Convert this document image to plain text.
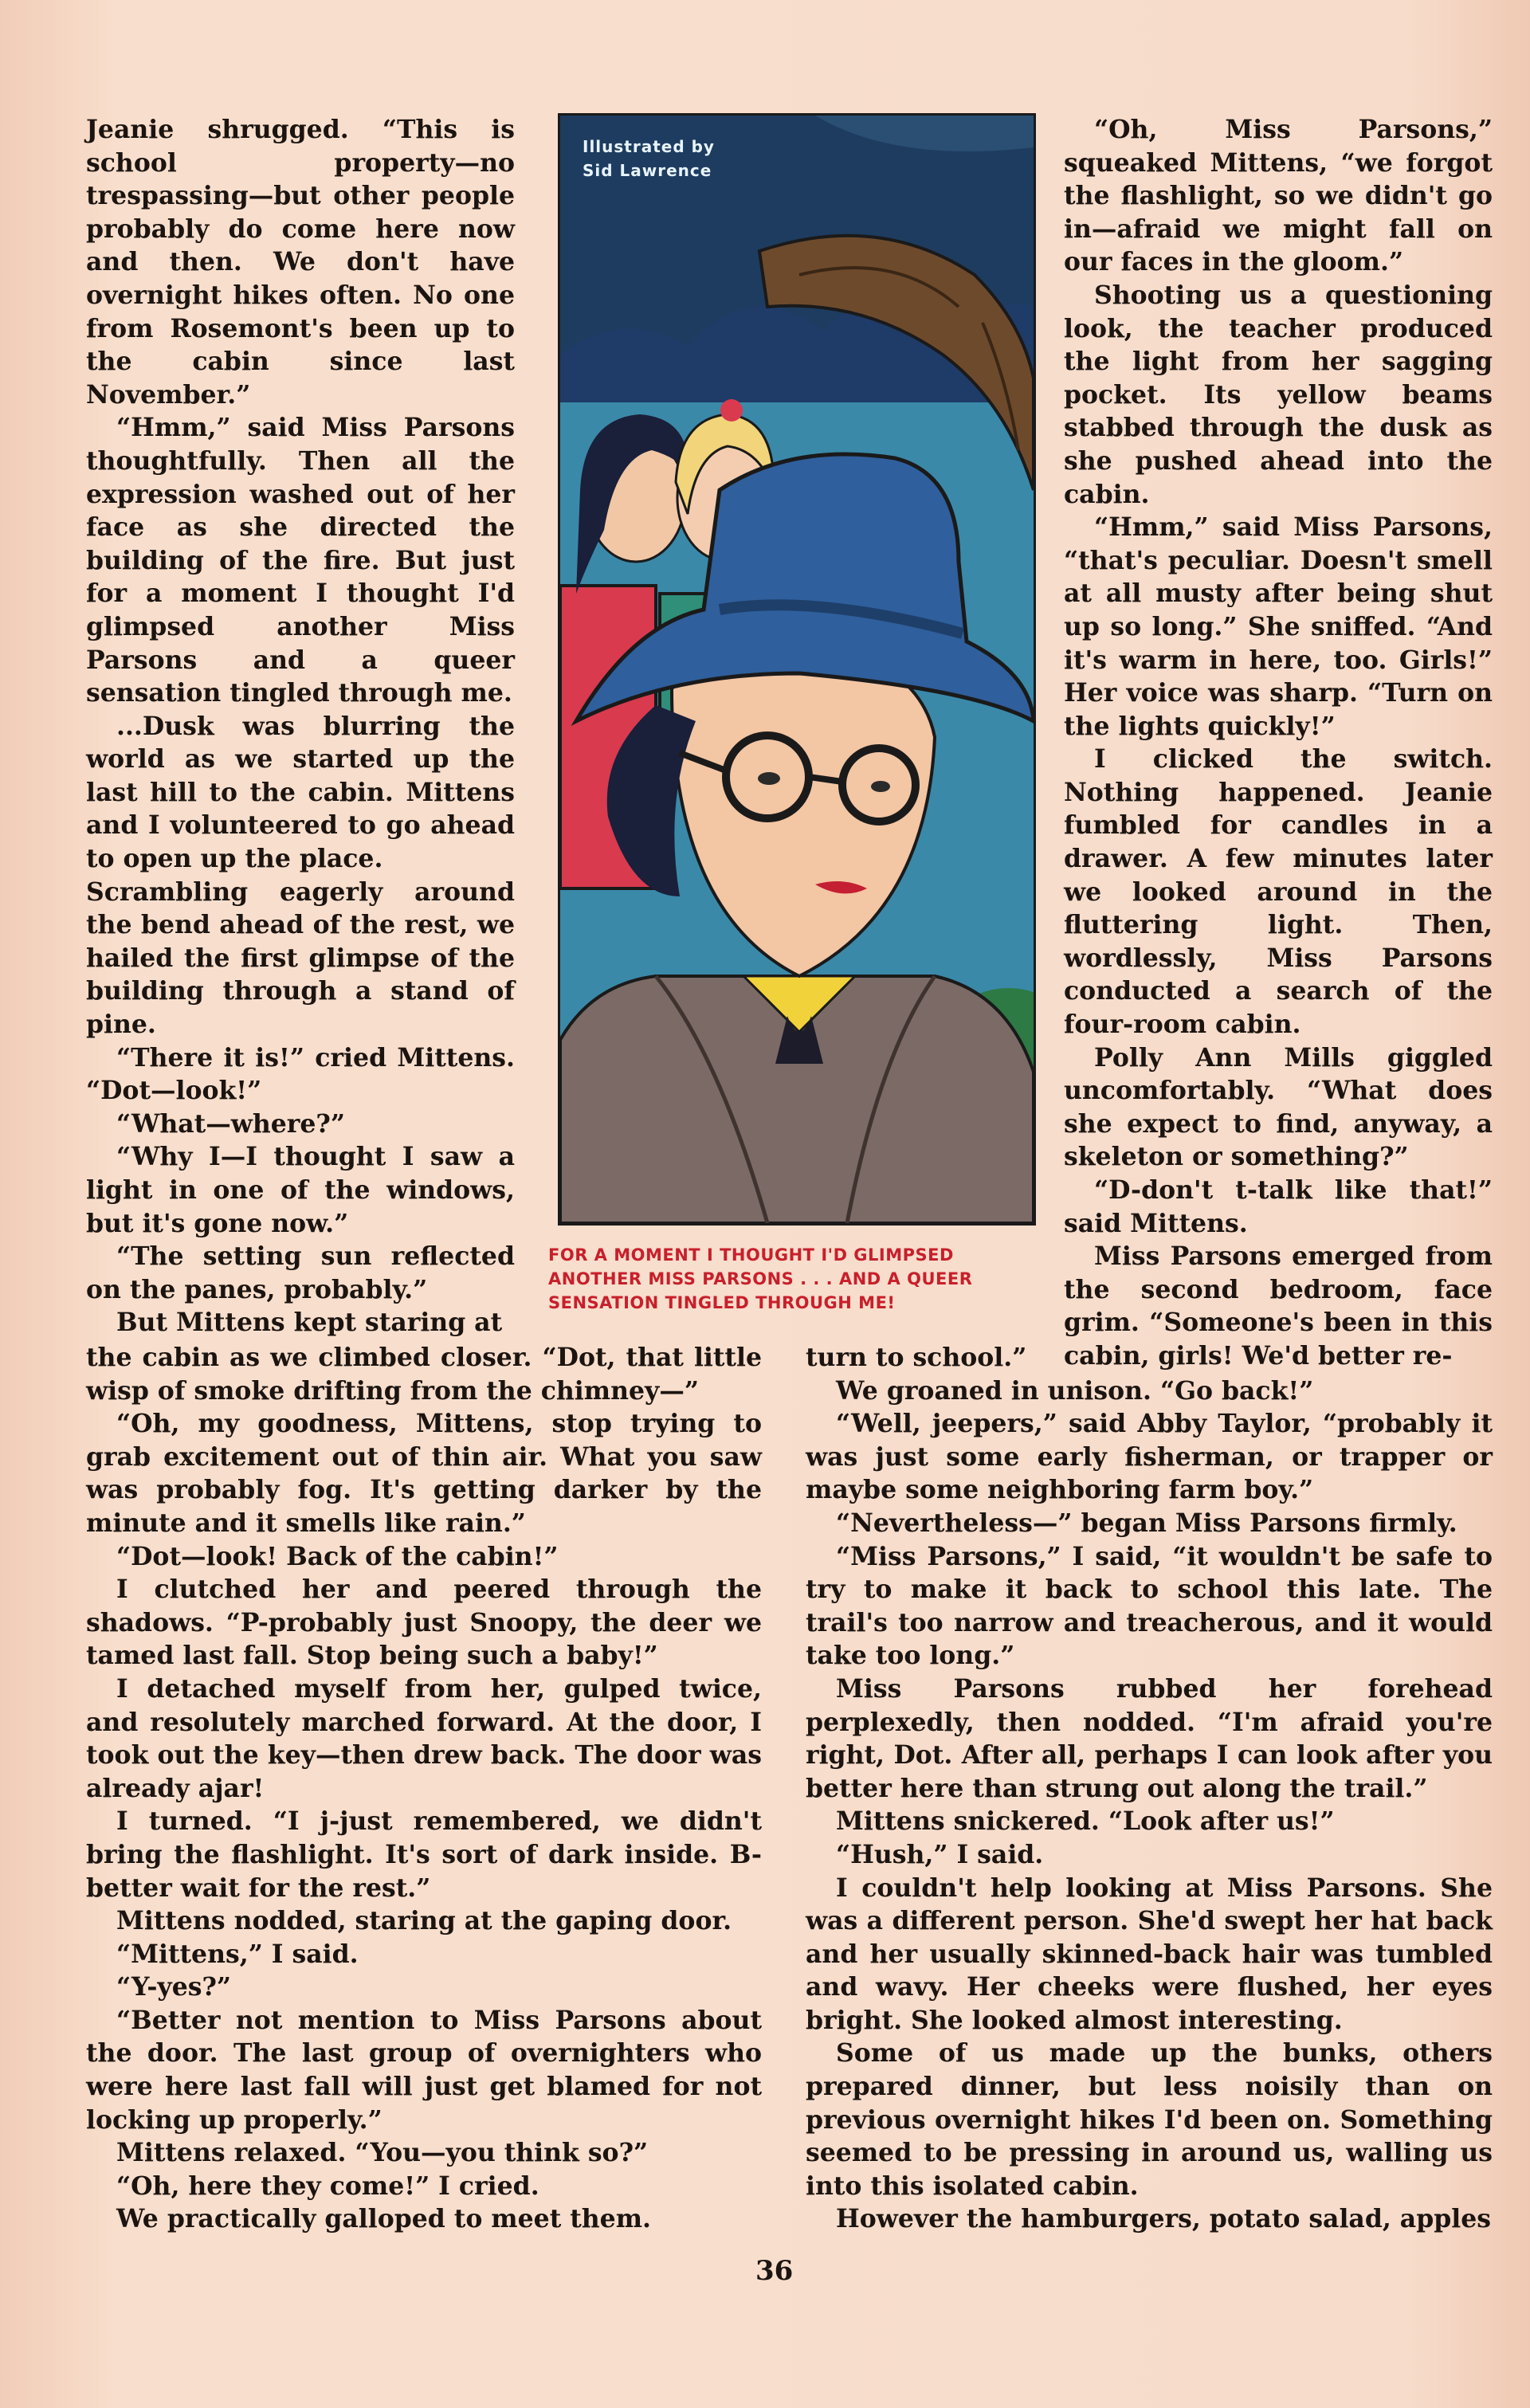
Jeanie shrugged. “This is school property—no trespassing—but other people probably do come here now and then. We don't have overnight hikes often. No one from Rosemont's been up to the cabin since last November.”

“Hmm,” said Miss Parsons thoughtfully. Then all the expression washed out of her face as she directed the building of the fire. But just for a moment I thought I'd glimpsed another Miss Parsons and a queer sensation tingled through me.

...Dusk was blurring the world as we started up the last hill to the cabin. Mittens and I volunteered to go ahead to open up the place.

Scrambling eagerly around the bend ahead of the rest, we hailed the first glimpse of the building through a stand of pine.

“There it is!” cried Mittens. “Dot—look!”

“What—where?”

“Why I—I thought I saw a light in one of the windows, but it's gone now.”

“The setting sun reflected on the panes, probably.”

But Mittens kept staring at

Illustrated by
Sid Lawrence
FOR A MOMENT I THOUGHT I'D GLIMPSED ANOTHER MISS PARSONS . . . AND A QUEER SENSATION TINGLED THROUGH ME!

“Oh, Miss Parsons,” squeaked Mittens, “we forgot the flashlight, so we didn't go in—afraid we might fall on our faces in the gloom.”

Shooting us a questioning look, the teacher produced the light from her sagging pocket. Its yellow beams stabbed through the dusk as she pushed ahead into the cabin.

“Hmm,” said Miss Parsons, “that's peculiar. Doesn't smell at all musty after being shut up so long.” She sniffed. “And it's warm in here, too. Girls!” Her voice was sharp. “Turn on the lights quickly!”

I clicked the switch. Nothing happened. Jeanie fumbled for candles in a drawer. A few minutes later we looked around in the fluttering light. Then, wordlessly, Miss Parsons conducted a search of the four-room cabin.

Polly Ann Mills giggled uncomfortably. “What does she expect to find, anyway, a skeleton or something?”

“D-don't t-talk like that!” said Mittens.

Miss Parsons emerged from the second bedroom, face grim. “Someone's been in this cabin, girls! We'd better re-

the cabin as we climbed closer. “Dot, that little wisp of smoke drifting from the chimney—”

“Oh, my goodness, Mittens, stop trying to grab excitement out of thin air. What you saw was probably fog. It's getting darker by the minute and it smells like rain.”

“Dot—look! Back of the cabin!”

I clutched her and peered through the shadows. “P-probably just Snoopy, the deer we tamed last fall. Stop being such a baby!”

I detached myself from her, gulped twice, and resolutely marched forward. At the door, I took out the key—then drew back. The door was already ajar!

I turned. “I j-just remembered, we didn't bring the flashlight. It's sort of dark inside. B-better wait for the rest.”

Mittens nodded, staring at the gaping door.

“Mittens,” I said.

“Y-yes?”

“Better not mention to Miss Parsons about the door. The last group of overnighters who were here last fall will just get blamed for not locking up properly.”

Mittens relaxed. “You—you think so?”

“Oh, here they come!” I cried.

We practically galloped to meet them.

turn to school.”

We groaned in unison. “Go back!”

“Well, jeepers,” said Abby Taylor, “probably it was just some early fisherman, or trapper or maybe some neighboring farm boy.”

“Nevertheless—” began Miss Parsons firmly.

“Miss Parsons,” I said, “it wouldn't be safe to try to make it back to school this late. The trail's too narrow and treacherous, and it would take too long.”

Miss Parsons rubbed her forehead perplexedly, then nodded. “I'm afraid you're right, Dot. After all, perhaps I can look after you better here than strung out along the trail.”

Mittens snickered. “Look after us!”

“Hush,” I said.

I couldn't help looking at Miss Parsons. She was a different person. She'd swept her hat back and her usually skinned-back hair was tumbled and wavy. Her cheeks were flushed, her eyes bright. She looked almost interesting.

Some of us made up the bunks, others prepared dinner, but less noisily than on previous overnight hikes I'd been on. Something seemed to be pressing in around us, walling us into this isolated cabin.

However the hamburgers, potato salad, apples

36
